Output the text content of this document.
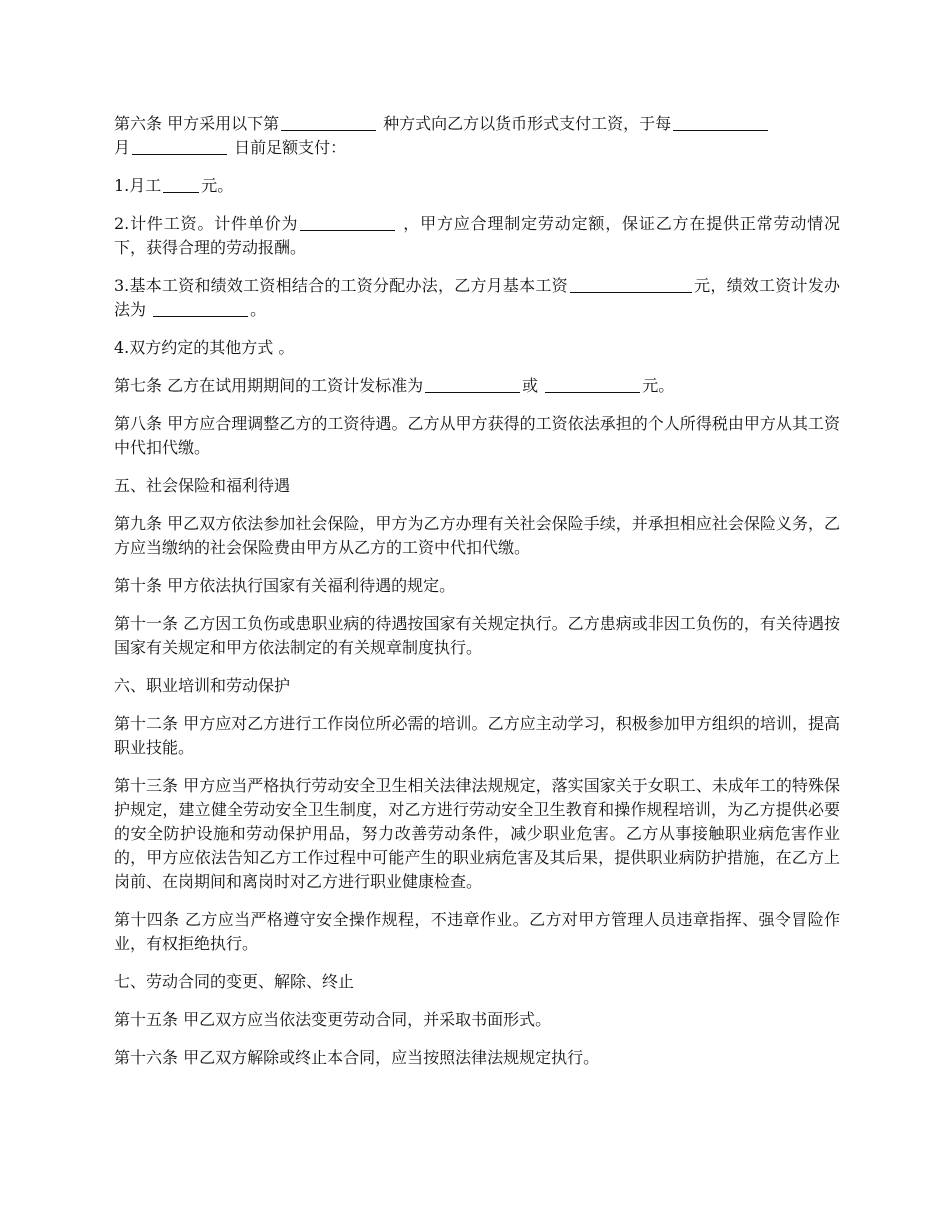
第六条 甲方采用以下第	种方式向乙方以货币形式支付工资，于每
月	日前足额支付：

1.月工	元。

2.计件工资。计件单价为	，甲方应合理制定劳动定额，保证乙方在提供正常劳动情况下，获得合理的劳动报酬。

3.基本工资和绩效工资相结合的工资分配办法，乙方月基本工资	元，绩效工资计发办法为	。

4.双方约定的其他方式 。

第七条 乙方在试用期期间的工资计发标准为	或	元。

第八条 甲方应合理调整乙方的工资待遇。乙方从甲方获得的工资依法承担的个人所得税由甲方从其工资中代扣代缴。

五、社会保险和福利待遇

第九条 甲乙双方依法参加社会保险，甲方为乙方办理有关社会保险手续，并承担相应社会保险义务，乙方应当缴纳的社会保险费由甲方从乙方的工资中代扣代缴。

第十条 甲方依法执行国家有关福利待遇的规定。

第十一条 乙方因工负伤或患职业病的待遇按国家有关规定执行。乙方患病或非因工负伤的，有关待遇按国家有关规定和甲方依法制定的有关规章制度执行。

六、职业培训和劳动保护

第十二条 甲方应对乙方进行工作岗位所必需的培训。乙方应主动学习，积极参加甲方组织的培训，提高职业技能。

第十三条 甲方应当严格执行劳动安全卫生相关法律法规规定，落实国家关于女职工、未成年工的特殊保护规定，建立健全劳动安全卫生制度，对乙方进行劳动安全卫生教育和操作规程培训，为乙方提供必要的安全防护设施和劳动保护用品，努力改善劳动条件，减少职业危害。乙方从事接触职业病危害作业的，甲方应依法告知乙方工作过程中可能产生的职业病危害及其后果，提供职业病防护措施，在乙方上岗前、在岗期间和离岗时对乙方进行职业健康检查。

第十四条 乙方应当严格遵守安全操作规程，不违章作业。乙方对甲方管理人员违章指挥、强令冒险作业，有权拒绝执行。

七、劳动合同的变更、解除、终止

第十五条 甲乙双方应当依法变更劳动合同，并采取书面形式。

第十六条 甲乙双方解除或终止本合同，应当按照法律法规规定执行。
